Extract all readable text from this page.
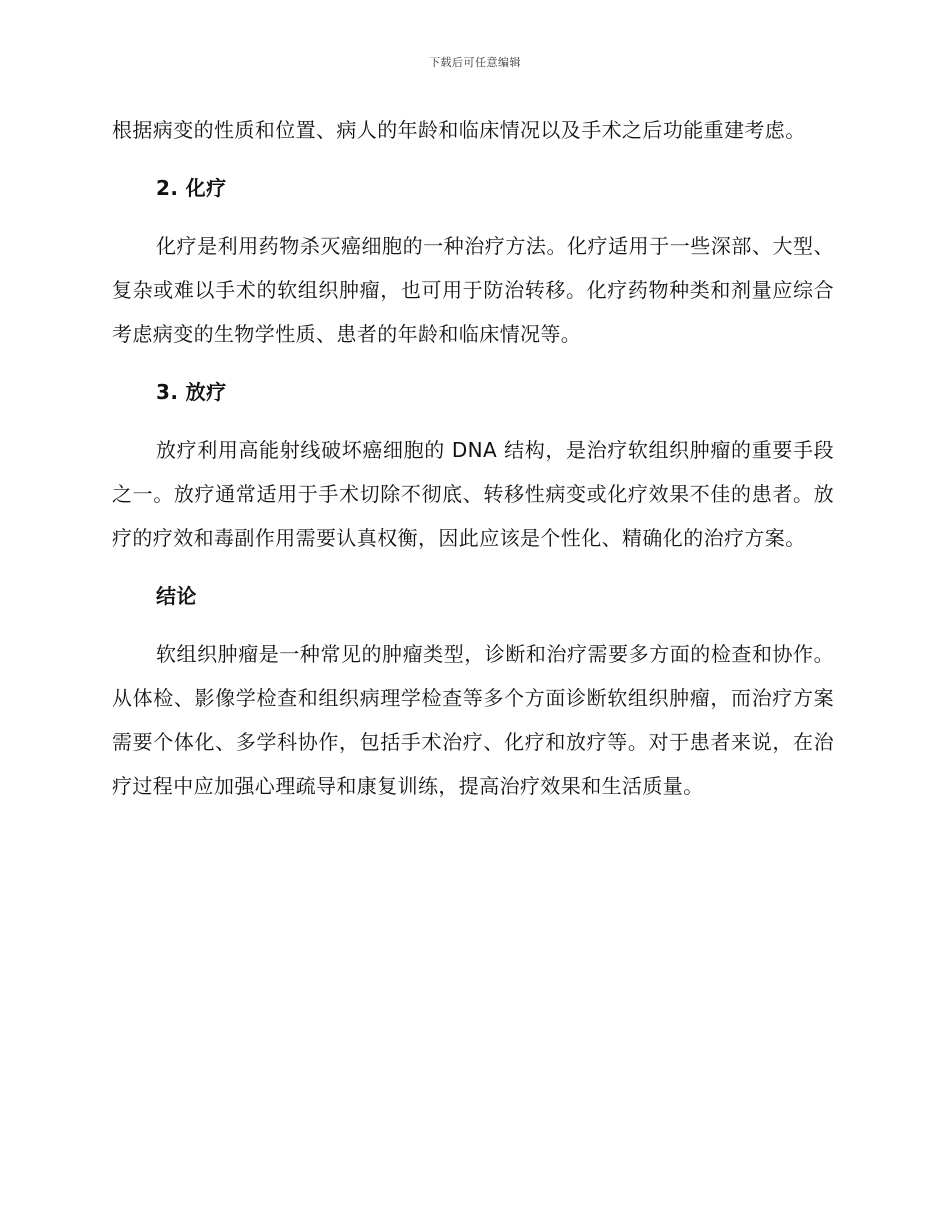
下载后可任意编辑

根据病变的性质和位置、病人的年龄和临床情况以及手术之后功能重建考虑。

2. 化疗

化疗是利用药物杀灭癌细胞的一种治疗方法。化疗适用于一些深部、大型、复杂或难以手术的软组织肿瘤，也可用于防治转移。化疗药物种类和剂量应综合考虑病变的生物学性质、患者的年龄和临床情况等。

3. 放疗

放疗利用高能射线破坏癌细胞的 DNA 结构，是治疗软组织肿瘤的重要手段之一。放疗通常适用于手术切除不彻底、转移性病变或化疗效果不佳的患者。放疗的疗效和毒副作用需要认真权衡，因此应该是个性化、精确化的治疗方案。

结论

软组织肿瘤是一种常见的肿瘤类型，诊断和治疗需要多方面的检查和协作。从体检、影像学检查和组织病理学检查等多个方面诊断软组织肿瘤，而治疗方案需要个体化、多学科协作，包括手术治疗、化疗和放疗等。对于患者来说，在治疗过程中应加强心理疏导和康复训练，提高治疗效果和生活质量。
